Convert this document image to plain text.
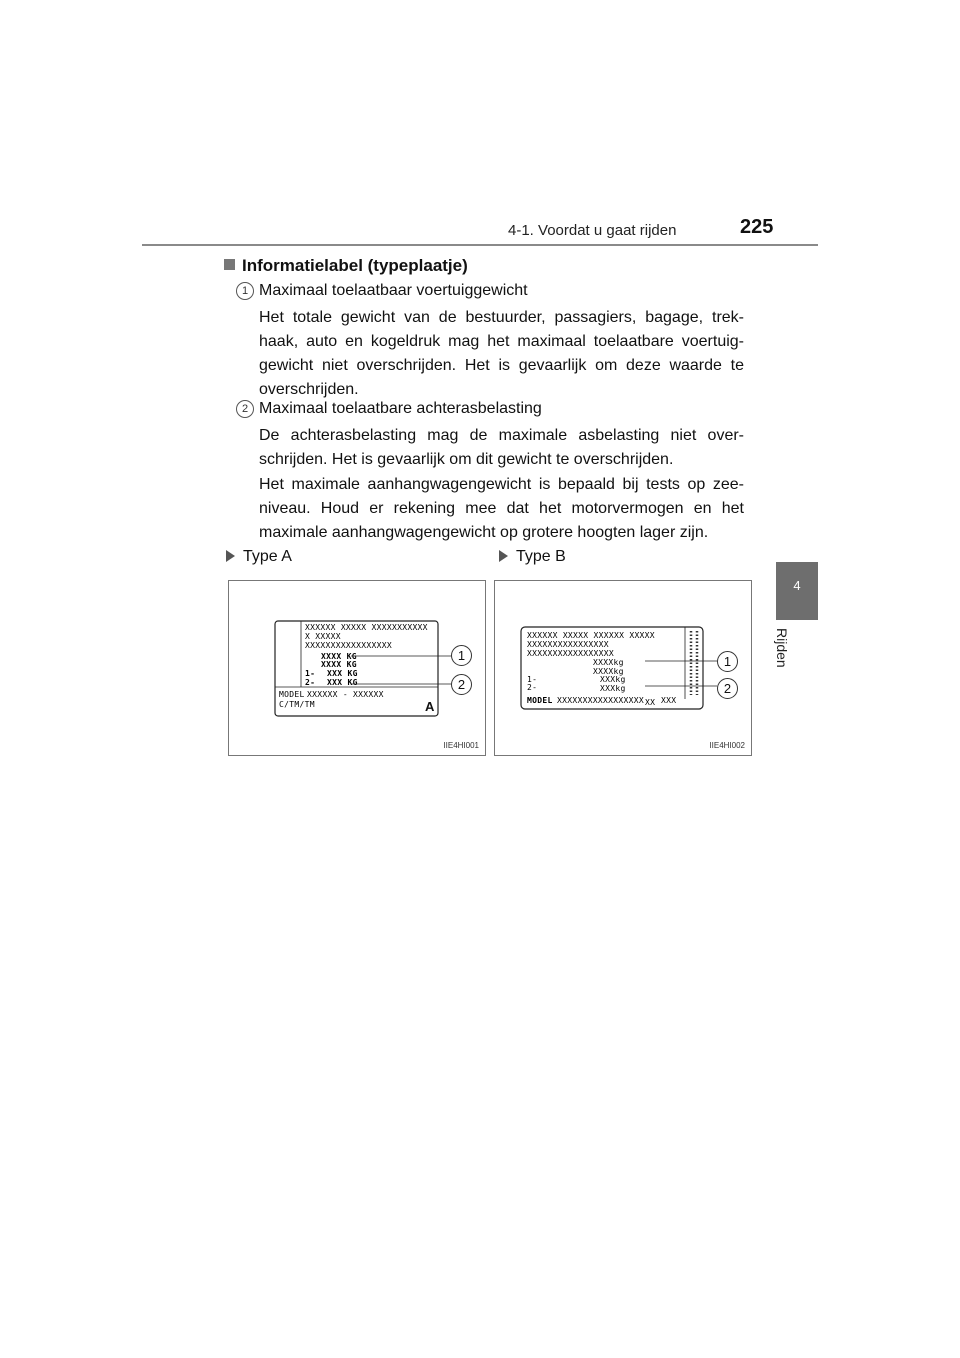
4-1. Voordat u gaat rijden	225
4
Rijden
Informatielabel (typeplaatje)
1 Maximaal toelaatbaar voertuiggewicht
Het totale gewicht van de bestuurder, passagiers, bagage, trek-haak, auto en kogeldruk mag het maximaal toelaatbare voertuig-gewicht niet overschrijden. Het is gevaarlijk om deze waarde te overschrijden.
2 Maximaal toelaatbare achterasbelasting
De achterasbelasting mag de maximale asbelasting niet over-schrijden. Het is gevaarlijk om dit gewicht te overschrijden.
Het maximale aanhangwagengewicht is bepaald bij tests op zee-niveau. Houd er rekening mee dat het motorvermogen en het maximale aanhangwagengewicht op grotere hoogten lager zijn.
Type A	Type B
XXXXXX XXXXX XXXXXXXXXXX
X XXXXX
XXXXXXXXXXXXXXXXX
XXXX KG
XXXX KG
1- XXX KG
2- XXX KG
MODEL XXXXXX - XXXXXX
C/TM/TM	A
1
2
IIE4HI001
XXXXXX XXXXX XXXXXX XXXXX
XXXXXXXXXXXXXXXX
XXXXXXXXXXXXXXXXX
XXXXkg
XXXXkg
1-	XXXkg
2-	XXXkg
MODEL XXXXXXXXXXXXXXXXX XX XXX
1
2
IIE4HI002
